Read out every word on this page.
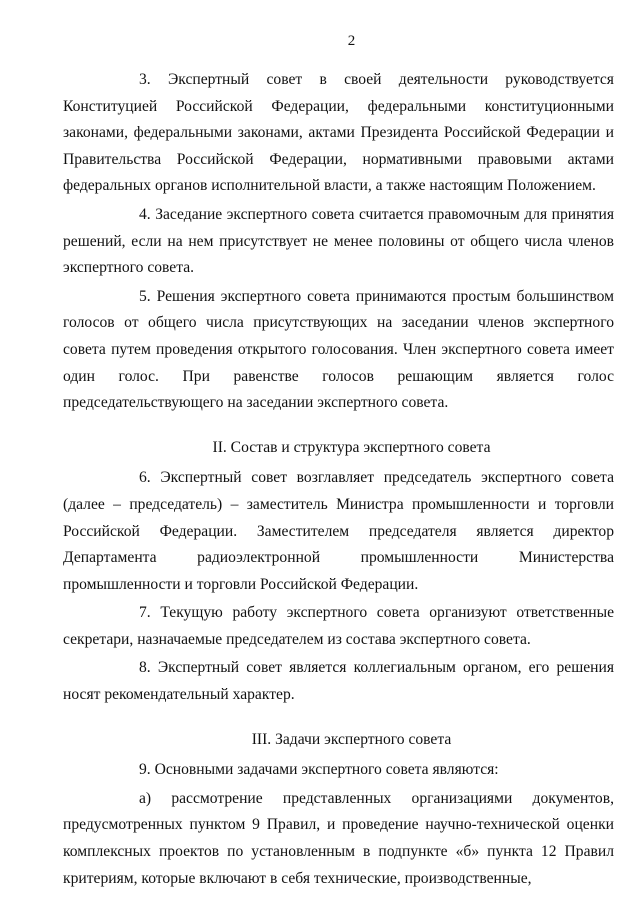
2

3. Экспертный совет в своей деятельности руководствуется Конституцией Российской Федерации, федеральными конституционными законами, федеральными законами, актами Президента Российской Федерации и Правительства Российской Федерации, нормативными правовыми актами федеральных органов исполнительной власти, а также настоящим Положением.

4. Заседание экспертного совета считается правомочным для принятия решений, если на нем присутствует не менее половины от общего числа членов экспертного совета.

5. Решения экспертного совета принимаются простым большинством голосов от общего числа присутствующих на заседании членов экспертного совета путем проведения открытого голосования. Член экспертного совета имеет один голос. При равенстве голосов решающим является голос председательствующего на заседании экспертного совета.

II. Состав и структура экспертного совета

6. Экспертный совет возглавляет председатель экспертного совета (далее – председатель) – заместитель Министра промышленности и торговли Российской Федерации. Заместителем председателя является директор Департамента радиоэлектронной промышленности Министерства промышленности и торговли Российской Федерации.

7. Текущую работу экспертного совета организуют ответственные секретари, назначаемые председателем из состава экспертного совета.

8. Экспертный совет является коллегиальным органом, его решения носят рекомендательный характер.

III. Задачи экспертного совета

9. Основными задачами экспертного совета являются:

а) рассмотрение представленных организациями документов, предусмотренных пунктом 9 Правил, и проведение научно-технической оценки комплексных проектов по установленным в подпункте «б» пункта 12 Правил критериям, которые включают в себя технические, производственные,
